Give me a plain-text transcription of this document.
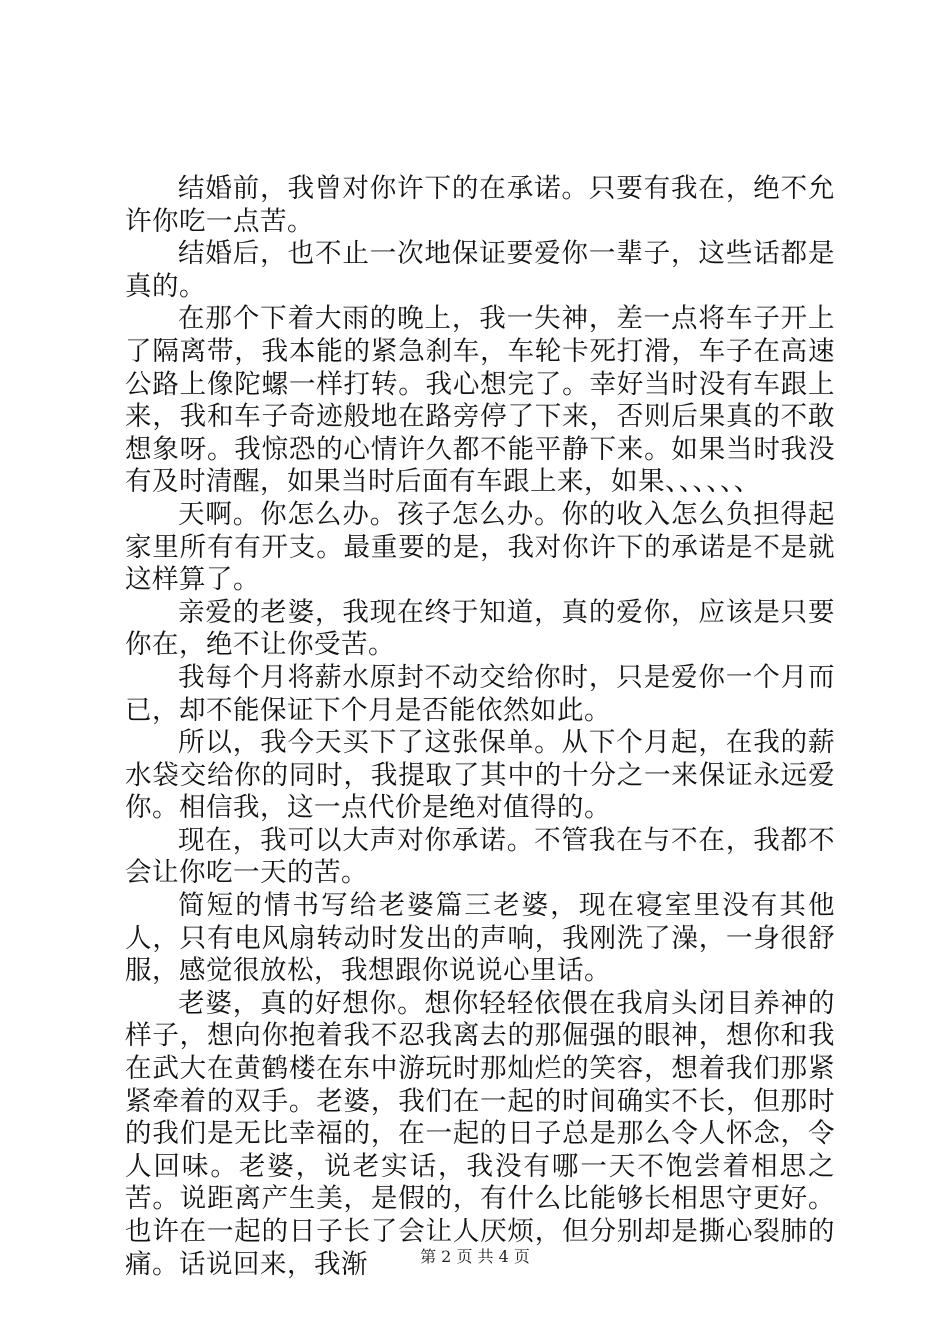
结婚前，我曾对你许下的在承诺。只要有我在，绝不允许你吃一点苦。

结婚后，也不止一次地保证要爱你一辈子，这些话都是真的。

在那个下着大雨的晚上，我一失神，差一点将车子开上了隔离带，我本能的紧急刹车，车轮卡死打滑，车子在高速公路上像陀螺一样打转。我心想完了。幸好当时没有车跟上来，我和车子奇迹般地在路旁停了下来，否则后果真的不敢想象呀。我惊恐的心情许久都不能平静下来。如果当时我没有及时清醒，如果当时后面有车跟上来，如果、、、、、、

天啊。你怎么办。孩子怎么办。你的收入怎么负担得起家里所有有开支。最重要的是，我对你许下的承诺是不是就这样算了。

亲爱的老婆，我现在终于知道，真的爱你，应该是只要你在，绝不让你受苦。

我每个月将薪水原封不动交给你时，只是爱你一个月而已，却不能保证下个月是否能依然如此。

所以，我今天买下了这张保单。从下个月起，在我的薪水袋交给你的同时，我提取了其中的十分之一来保证永远爱你。相信我，这一点代价是绝对值得的。

现在，我可以大声对你承诺。不管我在与不在，我都不会让你吃一天的苦。

简短的情书写给老婆篇三老婆，现在寝室里没有其他人，只有电风扇转动时发出的声响，我刚洗了澡，一身很舒服，感觉很放松，我想跟你说说心里话。

老婆，真的好想你。想你轻轻依偎在我肩头闭目养神的样子，想向你抱着我不忍我离去的那倔强的眼神，想你和我在武大在黄鹤楼在东中游玩时那灿烂的笑容，想着我们那紧紧牵着的双手。老婆，我们在一起的时间确实不长，但那时的我们是无比幸福的，在一起的日子总是那么令人怀念，令人回味。老婆，说老实话，我没有哪一天不饱尝着相思之苦。说距离产生美，是假的，有什么比能够长相思守更好。也许在一起的日子长了会让人厌烦，但分别却是撕心裂肺的痛。话说回来，我渐	第 2 页 共 4 页
